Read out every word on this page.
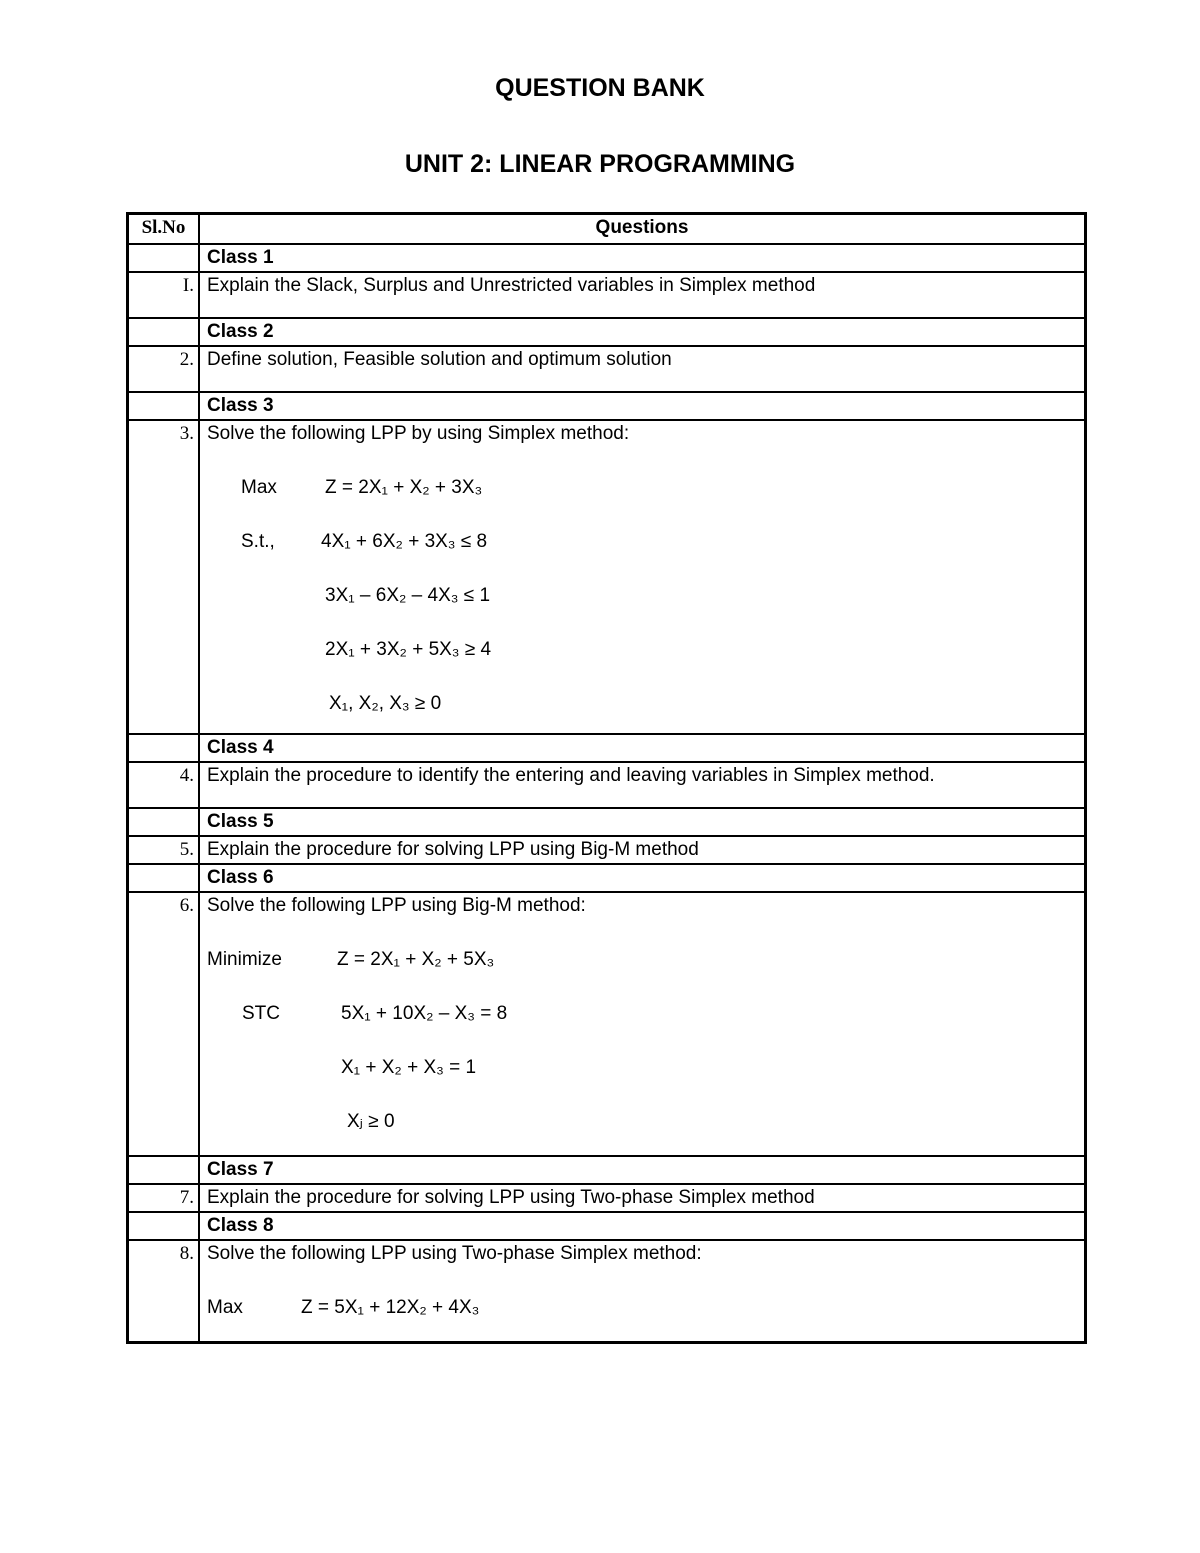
QUESTION BANK
UNIT 2: LINEAR PROGRAMMING
Sl.No	Questions
	Class 1
I.	Explain the Slack, Surplus and Unrestricted variables in Simplex method
	Class 2
2.	Define solution, Feasible solution and optimum solution
	Class 3
3.	Solve the following LPP by using Simplex method:
Max	Z = 2X₁ + X₂ + 3X₃
S.t.,	4X₁ + 6X₂ + 3X₃ ≤ 8
3X₁ – 6X₂ – 4X₃ ≤ 1
2X₁ + 3X₂ + 5X₃ ≥ 4
X₁, X₂, X₃ ≥ 0

	Class 4
4.	Explain the procedure to identify the entering and leaving variables in Simplex method.
	Class 5
5.	Explain the procedure for solving LPP using Big-M method
	Class 6
6.	Solve the following LPP using Big-M method:
Minimize	Z = 2X₁ + X₂ + 5X₃
STC	5X₁ + 10X₂ – X₃ = 8
X₁ + X₂ + X₃ = 1
Xⱼ ≥ 0

	Class 7
7.	Explain the procedure for solving LPP using Two-phase Simplex method
	Class 8
8.	Solve the following LPP using Two-phase Simplex method:
Max Z = 5X₁ + 12X₂ + 4X₃
